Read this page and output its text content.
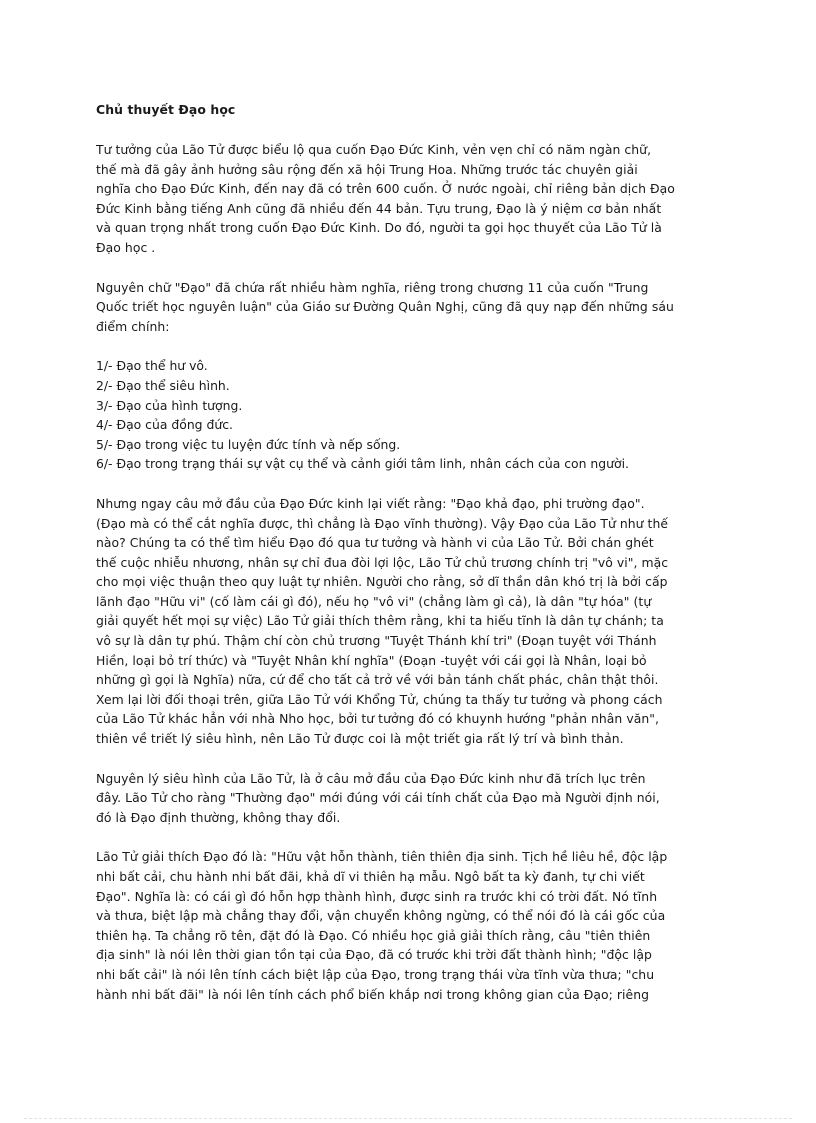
Chủ thuyết Đạo học

Tư tưởng của Lão Tử được biểu lộ qua cuốn Đạo Đức Kinh, vẻn vẹn chỉ có năm ngàn chữ,
thế mà đã gây ảnh hưởng sâu rộng đến xã hội Trung Hoa. Những trước tác chuyên giải
nghĩa cho Đạo Đức Kinh, đến nay đã có trên 600 cuốn. Ở nước ngoài, chỉ riêng bản dịch Đạo
Đức Kinh bằng tiếng Anh cũng đã nhiều đến 44 bản. Tựu trung, Đạo là ý niệm cơ bản nhất
và quan trọng nhất trong cuốn Đạo Đức Kinh. Do đó, người ta gọi học thuyết của Lão Tử là
Đạo học .

Nguyên chữ "Đạo" đã chứa rất nhiều hàm nghĩa, riêng trong chương 11 của cuốn "Trung
Quốc triết học nguyên luận" của Giáo sư Đường Quân Nghị, cũng đã quy nạp đến những sáu
điểm chính:

1/- Đạo thể hư vô.
2/- Đạo thể siêu hình.
3/- Đạo của hình tượng.
4/- Đạo của đồng đức.
5/- Đạo trong việc tu luyện đức tính và nếp sống.
6/- Đạo trong trạng thái sự vật cụ thể và cảnh giới tâm linh, nhân cách của con người.

Nhưng ngay câu mở đầu của Đạo Đức kinh lại viết rằng: "Đạo khả đạo, phi trường đạo".
(Đạo mà có thể cắt nghĩa được, thì chẳng là Đạo vĩnh thường). Vậy Đạo của Lão Tử như thế
nào? Chúng ta có thể tìm hiểu Đạo đó qua tư tưởng và hành vi của Lão Tử. Bởi chán ghét
thế cuộc nhiễu nhương, nhân sự chỉ đua đòi lợi lộc, Lão Tử chủ trương chính trị "vô vi", mặc
cho mọi việc thuận theo quy luật tự nhiên. Người cho rằng, sở dĩ thần dân khó trị là bởi cấp
lãnh đạo "Hữu vi" (cố làm cái gì đó), nếu họ "vô vi" (chẳng làm gì cả), là dân "tự hóa" (tự
giải quyết hết mọi sự việc) Lão Tử giải thích thêm rằng, khi ta hiếu tĩnh là dân tự chánh; ta
vô sự là dân tự phú. Thậm chí còn chủ trương "Tuyệt Thánh khí tri" (Đoạn tuyệt với Thánh
Hiền, loại bỏ trí thức) và "Tuyệt Nhân khí nghĩa" (Đoạn -tuyệt với cái gọi là Nhân, loại bỏ
những gì gọi là Nghĩa) nữa, cứ để cho tất cả trở về với bản tánh chất phác, chân thật thôi.
Xem lại lời đối thoại trên, giữa Lão Tử với Khổng Tử, chúng ta thấy tư tưởng và phong cách
của Lão Tử khác hẳn với nhà Nho học, bởi tư tưởng đó có khuynh hướng "phản nhân văn",
thiên về triết lý siêu hình, nên Lão Tử được coi là một triết gia rất lý trí và bình thản.

Nguyên lý siêu hình của Lão Tử, là ở câu mở đầu của Đạo Đức kinh như đã trích lục trên
đây. Lão Tử cho ràng "Thường đạo" mới đúng với cái tính chất của Đạo mà Người định nói,
đó là Đạo định thường, không thay đổi.

Lão Tử giải thích Đạo đó là: "Hữu vật hỗn thành, tiên thiên địa sinh. Tịch hề liêu hề, độc lập
nhi bất cải, chu hành nhi bất đãi, khả dĩ vi thiên hạ mẫu. Ngô bất ta kỳ đanh, tự chi viết
Đạo". Nghĩa là: có cái gì đó hỗn hợp thành hình, được sinh ra trước khi có trời đất. Nó tĩnh
và thưa, biệt lập mà chẳng thay đổi, vận chuyển không ngừng, có thể nói đó là cái gốc của
thiên hạ. Ta chẳng rõ tên, đặt đó là Đạo. Có nhiều học giả giải thích rằng, câu "tiên thiên
địa sinh" là nói lên thời gian tồn tại của Đạo, đã có trước khi trời đất thành hình; "độc lập
nhi bất cải" là nói lên tính cách biệt lập của Đạo, trong trạng thái vừa tĩnh vừa thưa; "chu
hành nhi bất đãi" là nói lên tính cách phổ biến khắp nơi trong không gian của Đạo; riêng
